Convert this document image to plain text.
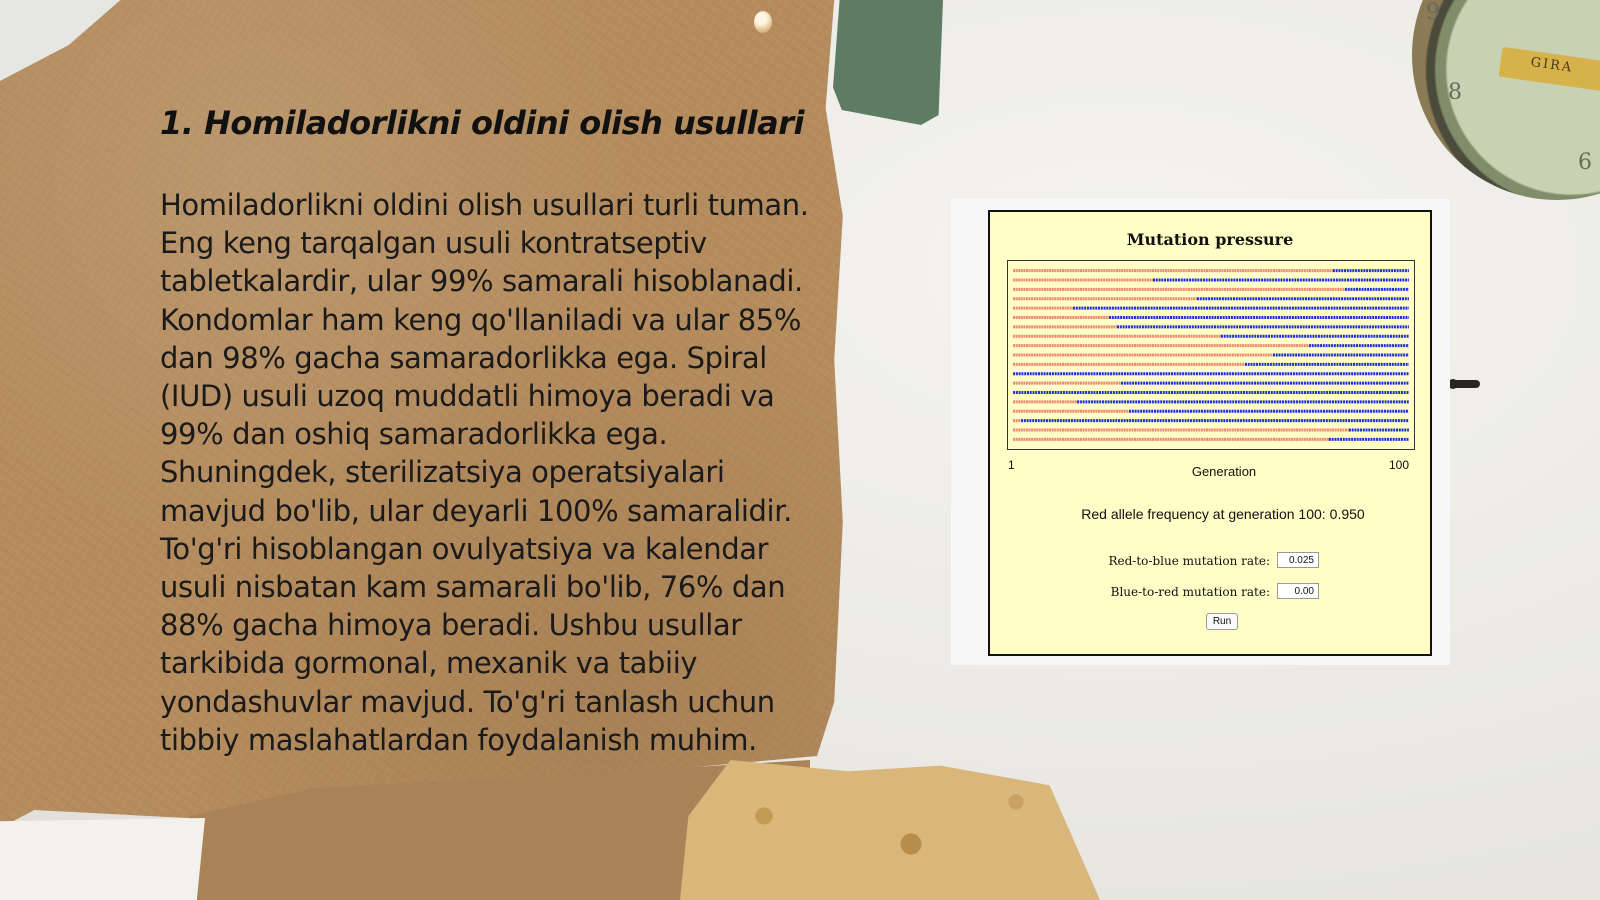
9
8
6
GIRA
1. Homiladorlikni oldini olish usullari

Homiladorlikni oldini olish usullari turli tuman. Eng keng tarqalgan usuli kontratseptiv tabletkalardir, ular 99% samarali hisoblanadi. Kondomlar ham keng qo'llaniladi va ular 85% dan 98% gacha samaradorlikka ega. Spiral (IUD) usuli uzoq muddatli himoya beradi va 99% dan oshiq samaradorlikka ega. Shuningdek, sterilizatsiya operatsiyalari mavjud bo'lib, ular deyarli 100% samaralidir. To'g'ri hisoblangan ovulyatsiya va kalendar usuli nisbatan kam samarali bo'lib, 76% dan 88% gacha himoya beradi. Ushbu usullar tarkibida gormonal, mexanik va tabiiy yondashuvlar mavjud. To'g'ri tanlash uchun tibbiy maslahatlardan foydalanish muhim.

Mutation pressure
1	100
Generation
Red allele frequency at generation 100: 0.950
Red-to-blue mutation rate:
0.025
Blue-to-red mutation rate:
0.00
Run
